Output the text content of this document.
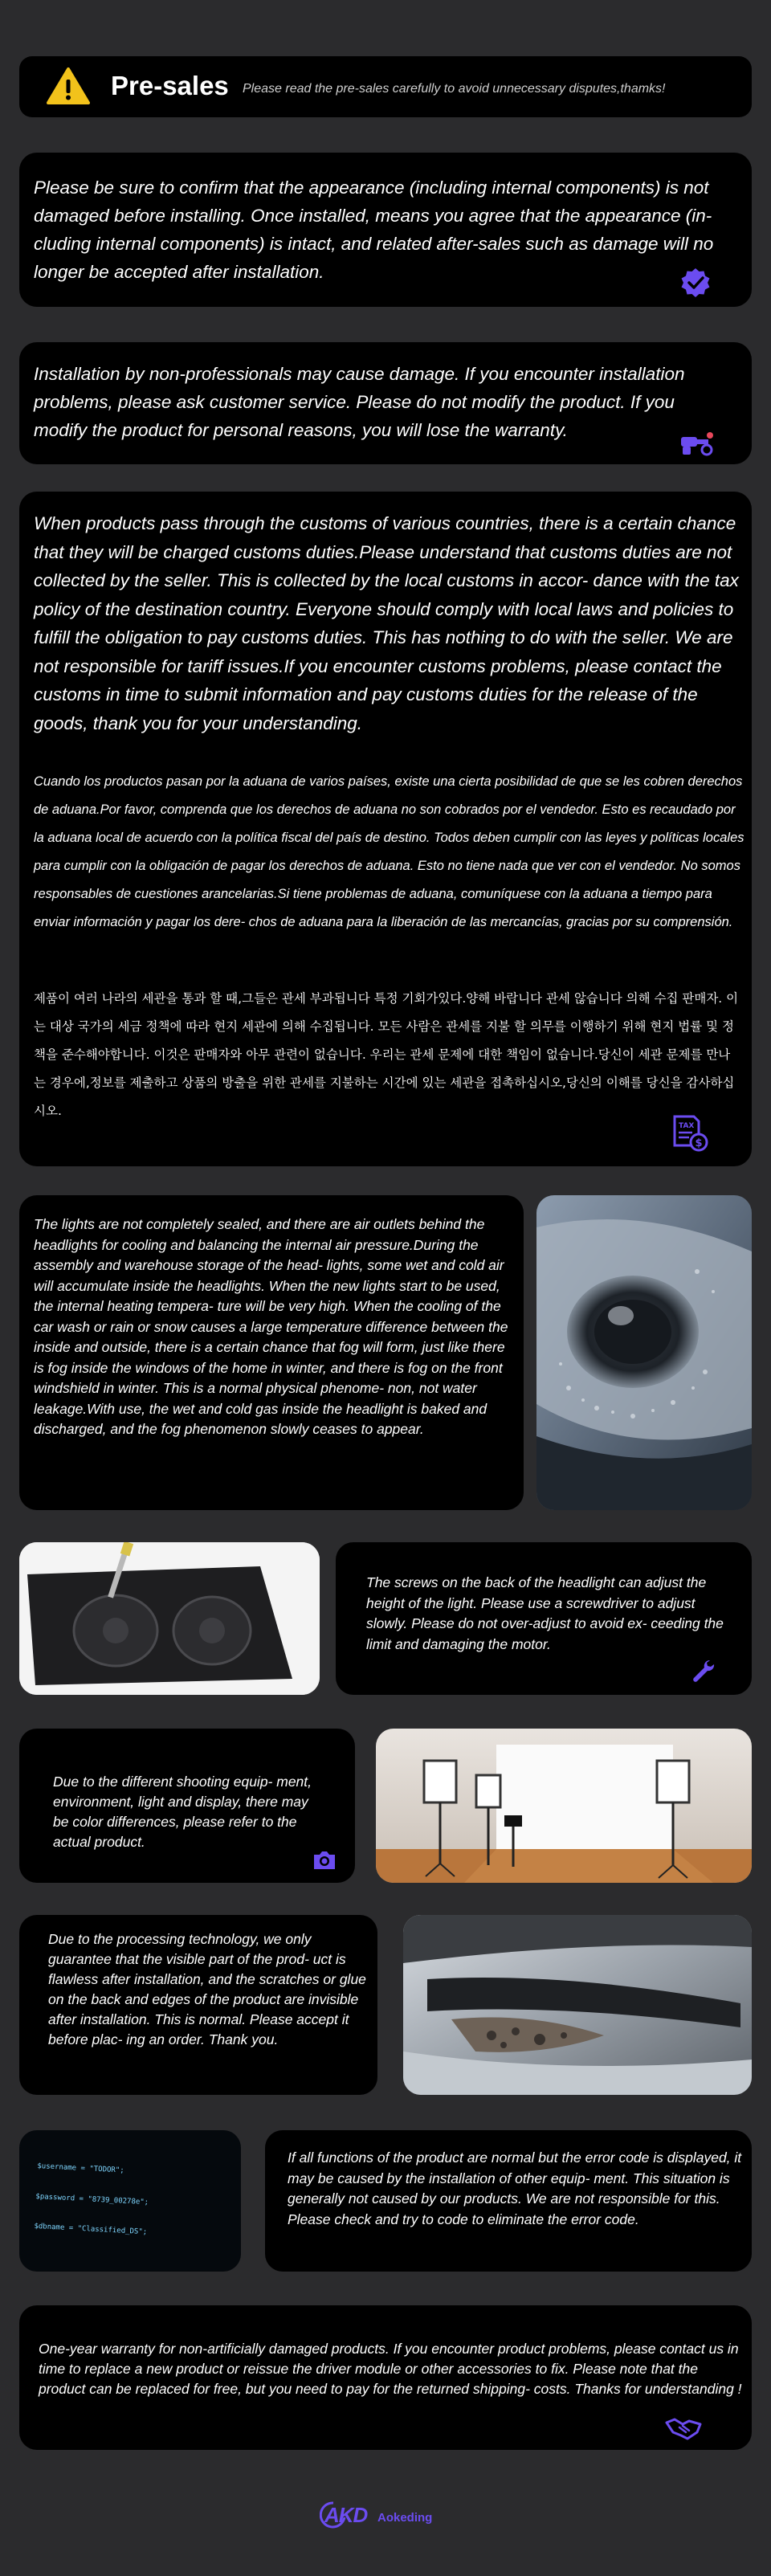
Pre-sales Please read the pre-sales carefully to avoid unnecessary disputes,thamks!
Please be sure to confirm that the appearance (including internal components) is not damaged before installing. Once installed, means you agree that the appearance (in- cluding internal components) is intact, and related after-sales such as damage will no longer be accepted after installation.
Installation by non-professionals may cause damage. If you encounter installation problems, please ask customer service. Please do not modify the product. If you modify the product for personal reasons, you will lose the warranty.
When products pass through the customs of various countries, there is a certain chance that they will be charged customs duties.Please understand that customs duties are not collected by the seller. This is collected by the local customs in accor- dance with the tax policy of the destination country. Everyone should comply with local laws and policies to fulfill the obligation to pay customs duties. This has nothing to do with the seller. We are not responsible for tariff issues.If you encounter customs problems, please contact the customs in time to submit information and pay customs duties for the release of the goods, thank you for your understanding.
Cuando los productos pasan por la aduana de varios países, existe una cierta posibilidad de que se les cobren derechos de aduana.Por favor, comprenda que los derechos de aduana no son cobrados por el vendedor. Esto es recaudado por la aduana local de acuerdo con la política fiscal del país de destino. Todos deben cumplir con las leyes y políticas locales para cumplir con la obligación de pagar los derechos de aduana. Esto no tiene nada que ver con el vendedor. No somos responsables de cuestiones arancelarias.Si tiene problemas de aduana, comuníquese con la aduana a tiempo para enviar información y pagar los dere- chos de aduana para la liberación de las mercancías, gracias por su comprensión.
제품이 여러 나라의 세관을 통과 할 때,그들은 관세 부과됩니다 특정 기회가있다.양해 바랍니다 관세 않습니다 의해 수집 판매자. 이는 대상 국가의 세금 정책에 따라 현지 세관에 의해 수집됩니다. 모든 사람은 관세를 지불 할 의무를 이행하기 위해 현지 법률 및 정책을 준수해야합니다. 이것은 판매자와 아무 관련이 없습니다. 우리는 관세 문제에 대한 책임이 없습니다.당신이 세관 문제를 만나는 경우에,정보를 제출하고 상품의 방출을 위한 관세를 지불하는 시간에 있는 세관을 접촉하십시오,당신의 이해를 당신을 감사하십시오.
TAX
$
The lights are not completely sealed, and there are air outlets behind the headlights for cooling and balancing the internal air pressure.During the assembly and warehouse storage of the head- lights, some wet and cold air will accumulate inside the headlights. When the new lights start to be used, the internal heating tempera- ture will be very high. When the cooling of the car wash or rain or snow causes a large temperature difference between the inside and outside, there is a certain chance that fog will form, just like there is fog inside the windows of the home in winter, and there is fog on the front windshield in winter. This is a normal physical phenome- non, not water leakage.With use, the wet and cold gas inside the headlight is baked and discharged, and the fog phenomenon slowly ceases to appear.
The screws on the back of the headlight can adjust the height of the light. Please use a screwdriver to adjust slowly. Please do not over-adjust to avoid ex- ceeding the limit and damaging the motor.
Due to the different shooting equip- ment, environment, light and display, there may be color differences, please refer to the actual product.
Due to the processing technology, we only guarantee that the visible part of the prod- uct is flawless after installation, and the scratches or glue on the back and edges of the product are invisible after installation. This is normal. Please accept it before plac- ing an order. Thank you.

$username = "TODOR";

$password = "8739_00278e";

$dbname = "Classified_DS";

If all functions of the product are normal but the error code is displayed, it may be caused by the installation of other equip- ment. This situation is generally not caused by our products. We are not responsible for this. Please check and try to code to eliminate the error code.
One-year warranty for non-artificially damaged products. If you encounter product problems, please contact us in time to replace a new product or reissue the driver module or other accessories to fix. Please note that the product can be replaced for free, but you need to pay for the returned shipping- costs. Thanks for understanding !
AKD Aokeding
